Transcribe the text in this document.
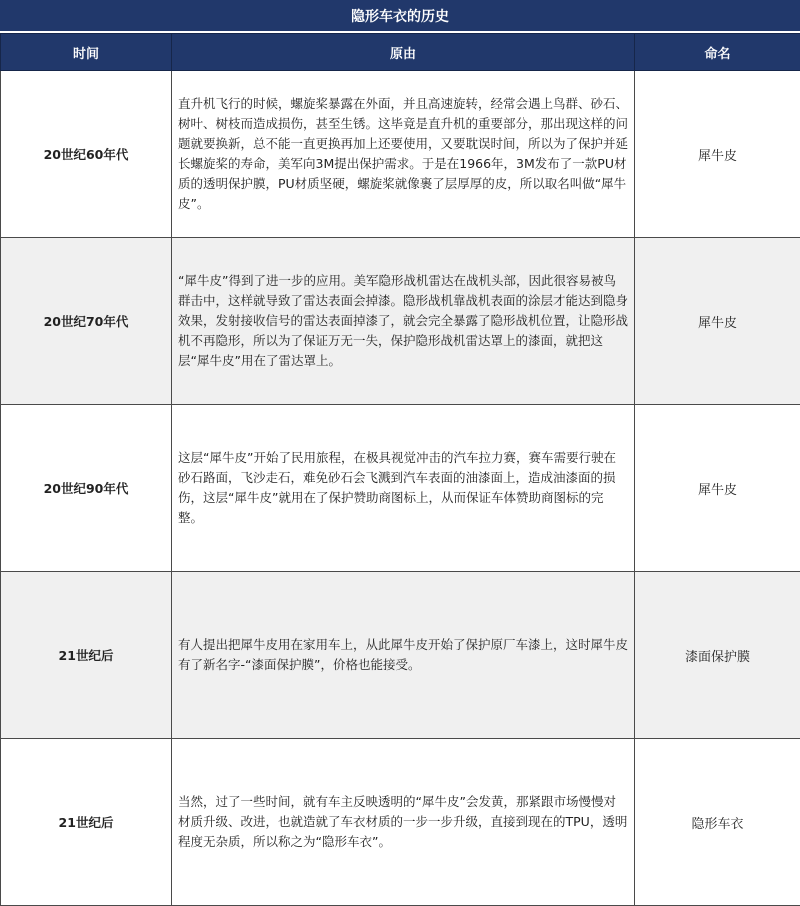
隐形车衣的历史
时间	原由	命名
20世纪60年代	直升机飞行的时候，螺旋桨暴露在外面，并且高速旋转，经常会遇上鸟群、砂石、树叶、树枝而造成损伤，甚至生锈。这毕竟是直升机的重要部分，那出现这样的问题就要换新，总不能一直更换再加上还要使用，又要耽误时间，所以为了保护并延长螺旋桨的寿命，美军向3M提出保护需求。于是在1966年，3M发布了一款PU材质的透明保护膜，PU材质坚硬，螺旋桨就像裹了层厚厚的皮，所以取名叫做“犀牛皮”。	犀牛皮
20世纪70年代	“犀牛皮”得到了进一步的应用。美军隐形战机雷达在战机头部，因此很容易被鸟群击中，这样就导致了雷达表面会掉漆。隐形战机靠战机表面的涂层才能达到隐身效果，发射接收信号的雷达表面掉漆了，就会完全暴露了隐形战机位置，让隐形战机不再隐形，所以为了保证万无一失，保护隐形战机雷达罩上的漆面，就把这层“犀牛皮”用在了雷达罩上。	犀牛皮
20世纪90年代	这层“犀牛皮”开始了民用旅程，在极具视觉冲击的汽车拉力赛，赛车需要行驶在砂石路面，飞沙走石，难免砂石会飞溅到汽车表面的油漆面上，造成油漆面的损伤，这层“犀牛皮”就用在了保护赞助商图标上，从而保证车体赞助商图标的完整。	犀牛皮
21世纪后	有人提出把犀牛皮用在家用车上，从此犀牛皮开始了保护原厂车漆上，这时犀牛皮有了新名字-“漆面保护膜”，价格也能接受。	漆面保护膜
21世纪后	当然，过了一些时间，就有车主反映透明的“犀牛皮”会发黄，那紧跟市场慢慢对材质升级、改进，也就造就了车衣材质的一步一步升级，直接到现在的TPU，透明程度无杂质，所以称之为“隐形车衣”。	隐形车衣
